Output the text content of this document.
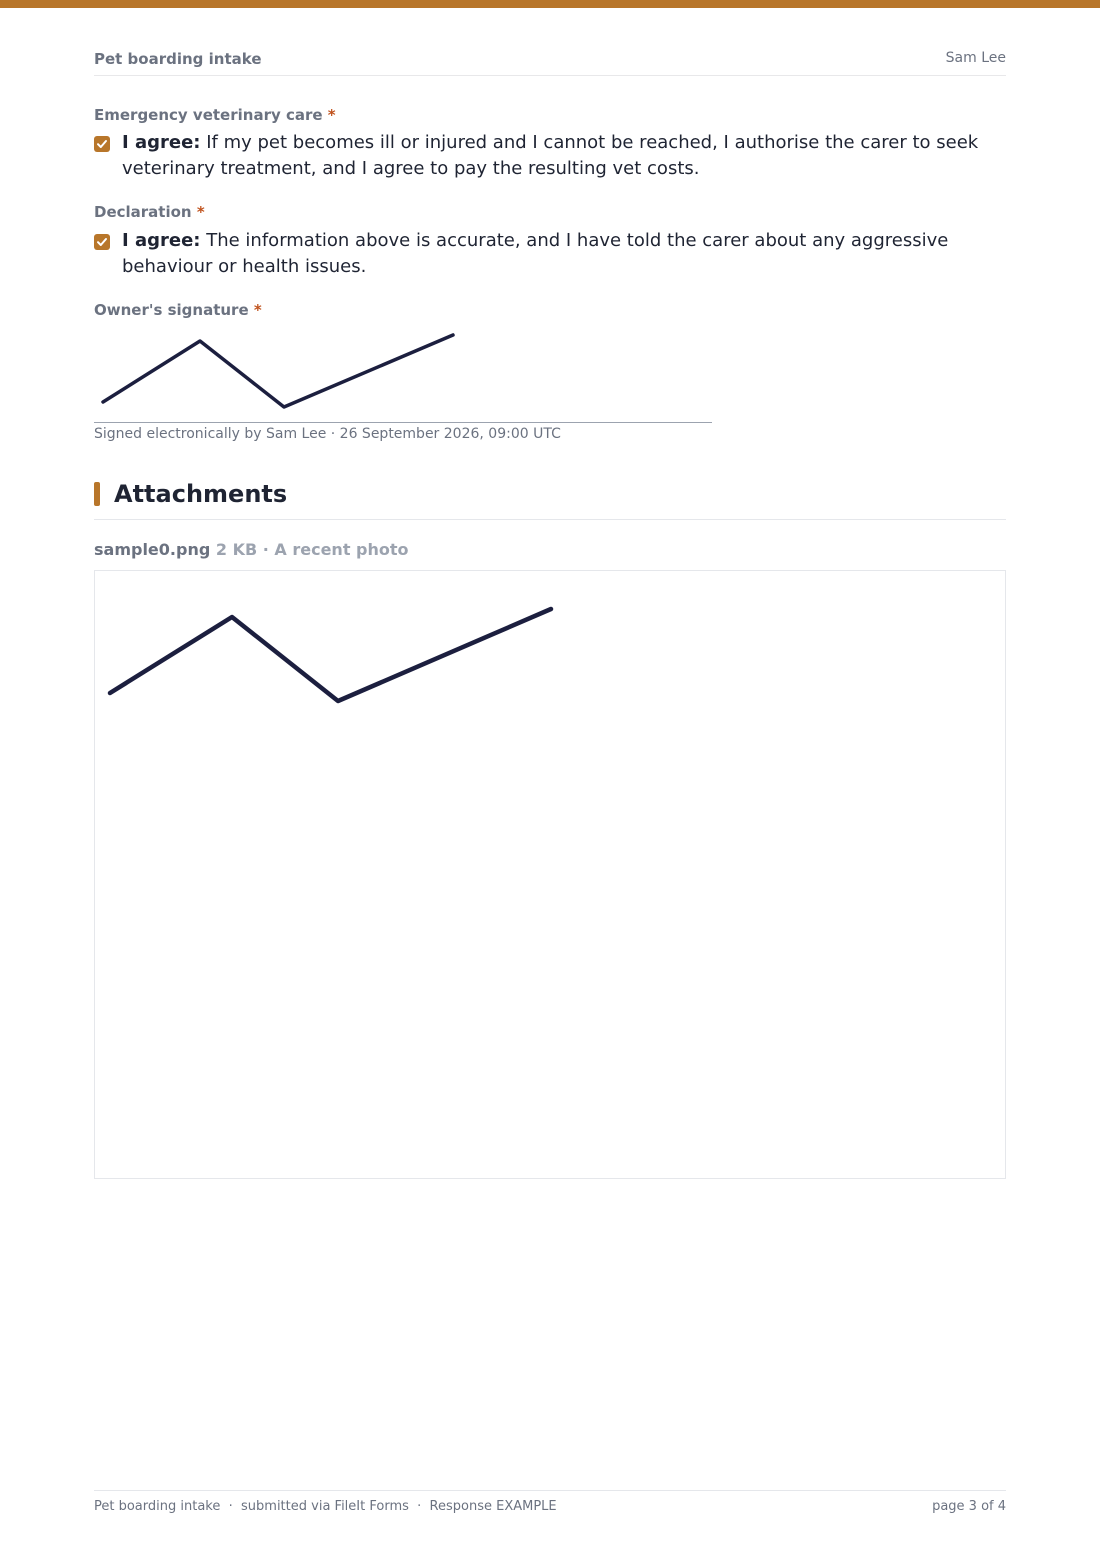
Pet boarding intake	Sam Lee
Emergency veterinary care *
I agree: If my pet becomes ill or injured and I cannot be reached, I authorise the carer to seek veterinary treatment, and I agree to pay the resulting vet costs.
Declaration *
I agree: The information above is accurate, and I have told the carer about any aggressive behaviour or health issues.
Owner's signature *
Signed electronically by Sam Lee · 26 September 2026, 09:00 UTC
Attachments
sample0.png 2 KB · A recent photo
Pet boarding intake  ·  submitted via FileIt Forms  ·  Response EXAMPLE	page 3 of 4
